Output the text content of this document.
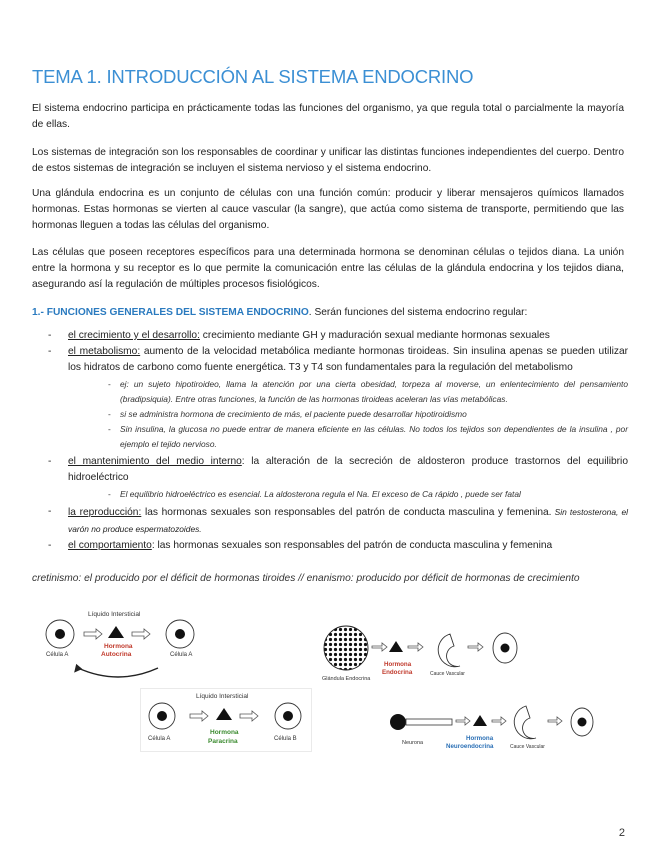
TEMA 1. INTRODUCCIÓN AL SISTEMA ENDOCRINO

El sistema endocrino participa en prácticamente todas las funciones del organismo, ya que regula total o parcialmente la mayoría de ellas.

Los sistemas de integración son los responsables de coordinar y unificar las distintas funciones independientes del cuerpo. Dentro de estos sistemas de integración se incluyen el sistema nervioso y el sistema endocrino.

Una glándula endocrina es un conjunto de células con una función común: producir y liberar mensajeros químicos llamados hormonas. Estas hormonas se vierten al cauce vascular (la sangre), que actúa como sistema de transporte, permitiendo que las hormonas lleguen a todas las células del organismo.

Las células que poseen receptores específicos para una determinada hormona se denominan células o tejidos diana. La unión entre la hormona y su receptor es lo que permite la comunicación entre las células de la glándula endocrina y los tejidos diana, asegurando así la regulación de múltiples procesos fisiológicos.

1.- FUNCIONES GENERALES DEL SISTEMA ENDOCRINO. Serán funciones del sistema endocrino regular:

- el crecimiento y el desarrollo: crecimiento mediante GH y maduración sexual mediante hormonas sexuales
- el metabolismo: aumento de la velocidad metabólica mediante hormonas tiroideas. Sin insulina apenas se pueden utilizar los hidratos de carbono como fuente energética. T3 y T4 son fundamentales para la regulación del metabolismo
- ej: un sujeto hipotiroideo, llama la atención por una cierta obesidad, torpeza al moverse, un enlentecimiento del pensamiento (bradipsiquia). Entre otras funciones, la función de las hormonas tiroideas aceleran las vías metabólicas.
- si se administra hormona de crecimiento de más, el paciente puede desarrollar hipotiroidismo
- Sin insulina, la glucosa no puede entrar de manera eficiente en las células. No todos los tejidos son dependientes de la insulina , por ejemplo el tejido nervioso.
- el mantenimiento del medio interno: la alteración de la secreción de aldosteron produce trastornos del equilibrio hidroeléctrico
- El equilibrio hidroeléctrico es esencial. La aldosterona regula el Na. El exceso de Ca rápido , puede ser fatal
- la reproducción: las hormonas sexuales son responsables del patrón de conducta masculina y femenina. Sin testosterona, el varón no produce espermatozoides.
- el comportamiento: las hormonas sexuales son responsables del patrón de conducta masculina y femenina
cretinismo: el producido por el déficit de hormonas tiroides // enanismo: producido por déficit de hormonas de crecimiento
Líquido Intersticial
Célula A	Célula A
Hormona
Autocrina
Glándula Endocrina
Hormona
Endocrina	Cauce Vascular
Líquido Intersticial
Célula A	Célula B
Hormona
Paracrina	Neurona
Hormona
Neuroendocrina	Cauce Vascular
2
